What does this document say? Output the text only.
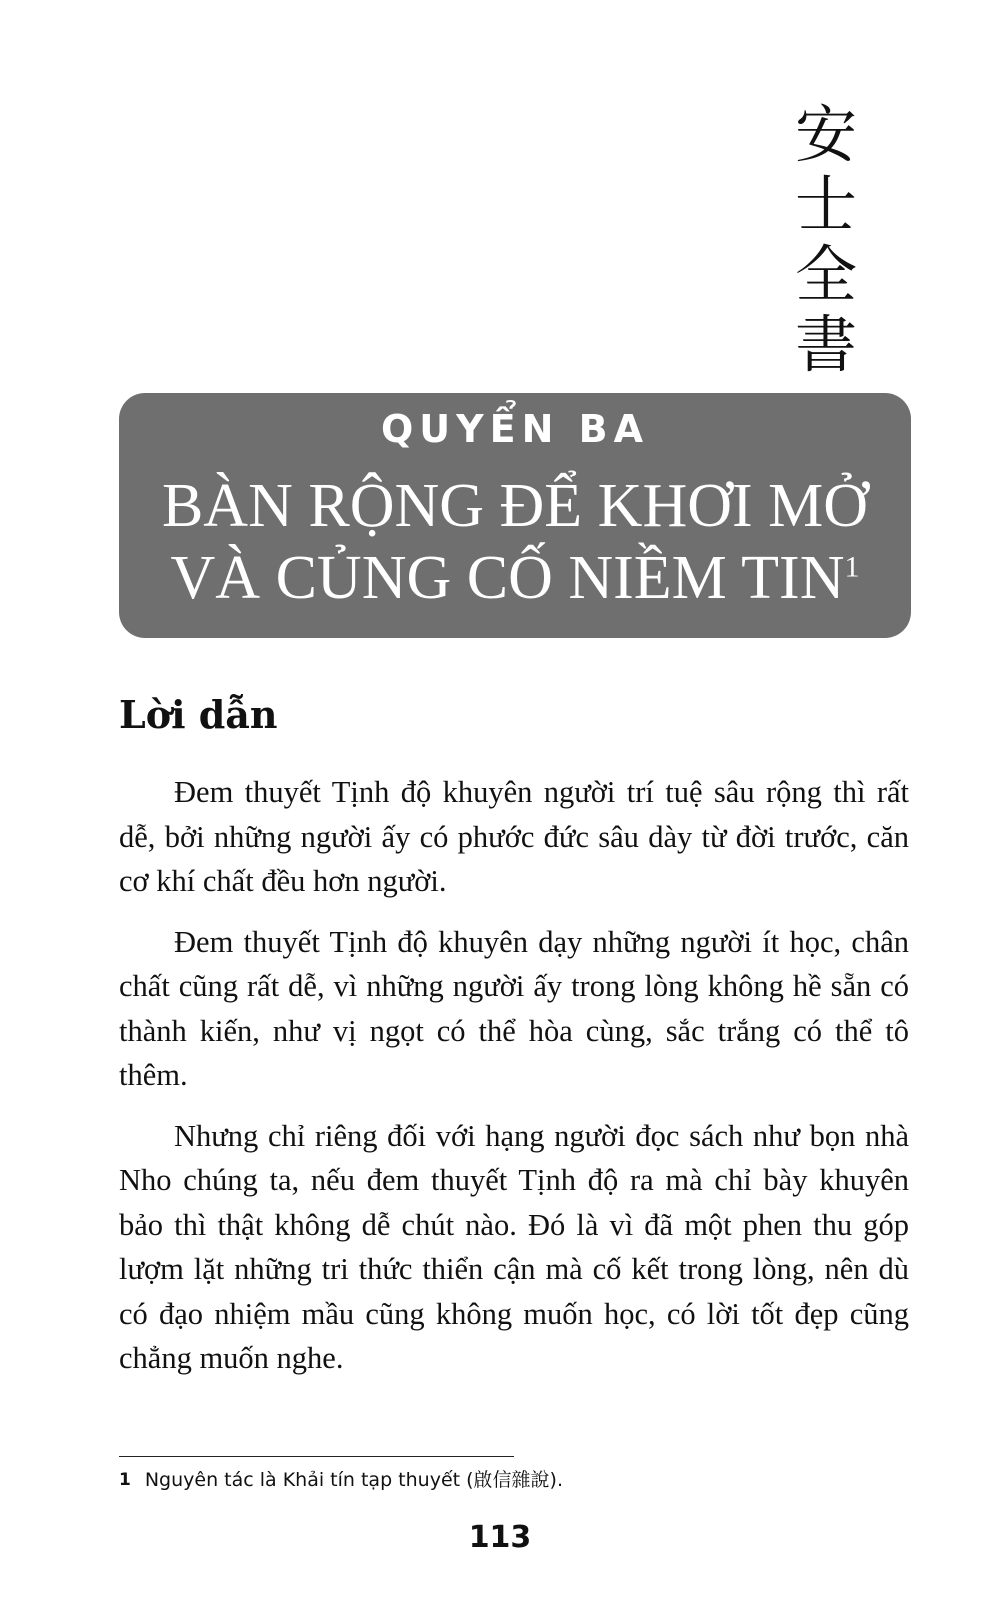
安
士
全
書
QUYỂN BA
BÀN RỘNG ĐỂ KHƠI MỞ
VÀ CỦNG CỐ NIỀM TIN$^1$
Lời dẫn

Đem thuyết Tịnh độ khuyên người trí tuệ sâu rộng thì rất dễ, bởi những người ấy có phước đức sâu dày từ đời trước, căn cơ khí chất đều hơn người.

Đem thuyết Tịnh độ khuyên dạy những người ít học, chân chất cũng rất dễ, vì những người ấy trong lòng không hề sẵn có thành kiến, như vị ngọt có thể hòa cùng, sắc trắng có thể tô thêm.

Nhưng chỉ riêng đối với hạng người đọc sách như bọn nhà Nho chúng ta, nếu đem thuyết Tịnh độ ra mà chỉ bày khuyên bảo thì thật không dễ chút nào. Đó là vì đã một phen thu góp lượm lặt những tri thức thiển cận mà cố kết trong lòng, nên dù có đạo nhiệm mầu cũng không muốn học, có lời tốt đẹp cũng chẳng muốn nghe.

1 Nguyên tác là Khải tín tạp thuyết (啟信雜說).
113
